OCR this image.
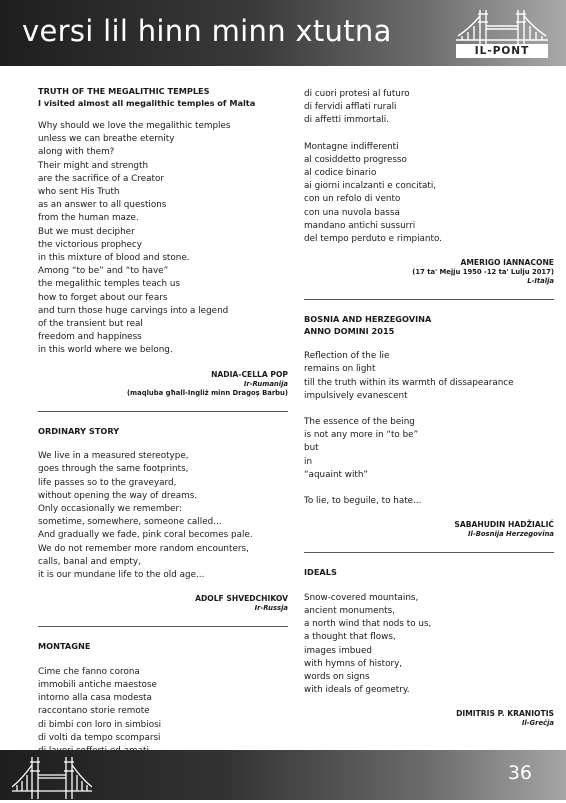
versi lil hinn minn xtutna
IL-PONT

TRUTH OF THE MEGALITHIC TEMPLES

I visited almost all megalithic temples of Malta

Why should we love the megalithic temples
unless we can breathe eternity
along with them?
Their might and strength
are the sacrifice of a Creator
who sent His Truth
as an answer to all questions
from the human maze.
But we must decipher
the victorious prophecy
in this mixture of blood and stone.
Among “to be” and “to have”
the megalithic temples teach us
how to forget about our fears
and turn those huge carvings into a legend
of the transient but real
freedom and happiness
in this world where we belong.
NADIA-CELLA POP
Ir-Rumanija
(maqluba għall-Ingliż minn Dragoş Barbu)

ORDINARY STORY

We live in a measured stereotype,
goes through the same footprints,
life passes so to the graveyard,
without opening the way of dreams.
Only occasionally we remember:
sometime, somewhere, someone called...
And gradually we fade, pink coral becomes pale.
We do not remember more random encounters,
calls, banal and empty,
it is our mundane life to the old age...
ADOLF SHVEDCHIKOV
Ir-Russja

MONTAGNE

Cime che fanno corona
immobili antiche maestose
intorno alla casa modesta
raccontano storie remote
di bimbi con loro in simbiosi
di volti da tempo scomparsi
di cuori protesi al futuro
di fervidi afflati rurali
di affetti immortali.
Montagne indifferenti
al cosiddetto progresso
al codice binario
ai giorni incalzanti e concitati,
con un refolo di vento
con una nuvola bassa
mandano antichi sussurri
del tempo perduto e rimpianto.
AMERIGO IANNACONE
(17 ta' Mejju 1950 -12 ta' Lulju 2017)
L-Italja

BOSNIA AND HERZEGOVINA

ANNO DOMINI 2015

Reflection of the lie
remains on light
till the truth within its warmth of dissapearance
impulsively evanescent
The essence of the being
is not any more in “to be”
but
in
“aquaint with”
To lie, to beguile, to hate...
SABAHUDIN HADŽIALIĆ
Il-Bosnija Herzegovina

IDEALS

Snow-covered mountains,
ancient monuments,
a north wind that nods to us,
a thought that flows,
images imbued
with hymns of history,
words on signs
with ideals of geometry.
DIMITRIS P. KRANIOTIS
Il-Greċja
36
